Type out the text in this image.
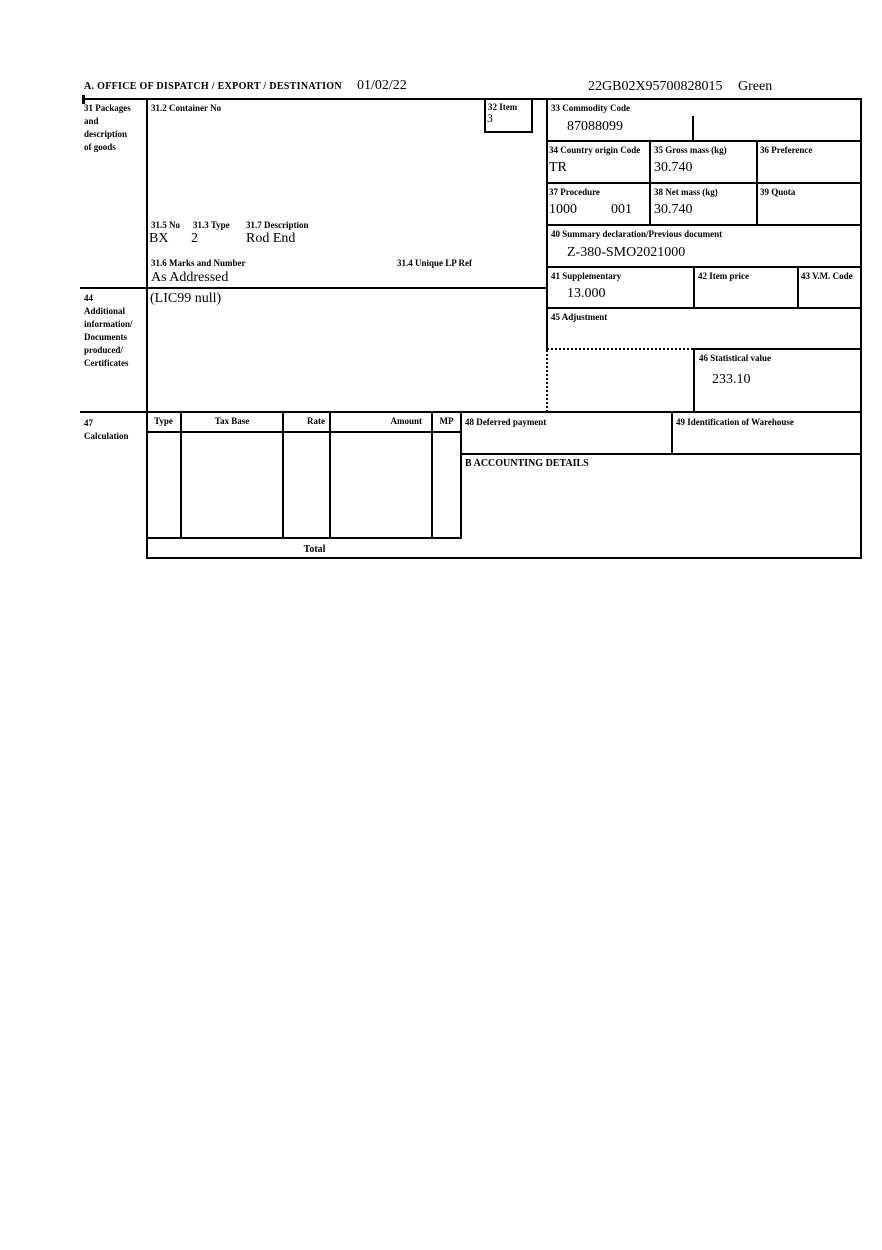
A. OFFICE OF DISPATCH / EXPORT / DESTINATION 01/02/22	22GB02X95700828015 Green
31 Packages
and
description
of goods
31.2 Container No	32 Item
3
33 Commodity Code
87088099
34 Country origin Code
TR
35 Gross mass (kg)
30.740
36 Preference
37 Procedure
1000 001
38 Net mass (kg)
30.740
39 Quota
31.5 No 31.3 Type 31.7 Description
BX 2	Rod End	40 Summary declaration/Previous document
Z-380-SMO2021000
31.6 Marks and Number	31.4 Unique LP Ref
As Addressed	41 Supplementary
13.000
42 Item price	43 V.M. Code
44
Additional
information/
Documents
produced/
Certificates
(LIC99 null)
45 Adjustment
46 Statistical value
233.10
47
Calculation
Type	Tax Base	Rate	Amount	MP
Total
48 Deferred payment	49 Identification of Warehouse
B ACCOUNTING DETAILS
